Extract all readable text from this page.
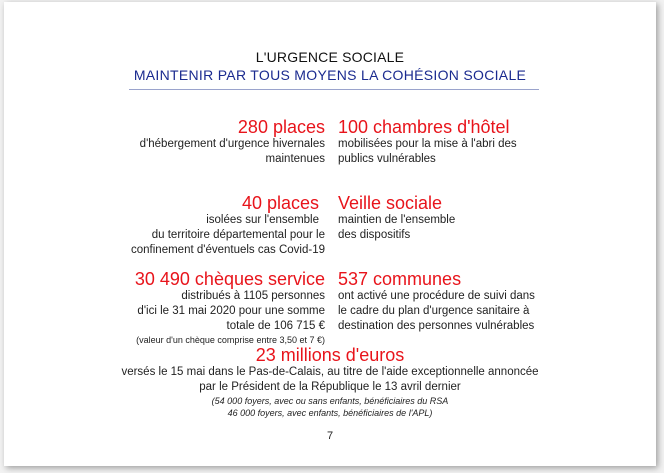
L'URGENCE SOCIALE
MAINTENIR PAR TOUS MOYENS LA COHÉSION SOCIALE
280 places
d'hébergement d'urgence hivernales
maintenues
100 chambres d'hôtel
mobilisées pour la mise à l'abri des
publics vulnérables
40 places
isolées sur l'ensemble
du territoire départemental pour le
confinement d'éventuels cas Covid-19
Veille sociale
maintien de l'ensemble
des dispositifs
30 490 chèques service
distribués à 1105 personnes
d'ici le 31 mai 2020 pour une somme
totale de 106 715 €
(valeur d'un chèque comprise entre 3,50 et 7 €)
537 communes
ont activé une procédure de suivi dans
le cadre du plan d'urgence sanitaire à
destination des personnes vulnérables
23 millions d'euros
versés le 15 mai dans le Pas-de-Calais, au titre de l'aide exceptionnelle annoncée
par le Président de la République le 13 avril dernier
(54 000 foyers, avec ou sans enfants, bénéficiaires du RSA
46 000 foyers, avec enfants, bénéficiaires de l'APL)
7
